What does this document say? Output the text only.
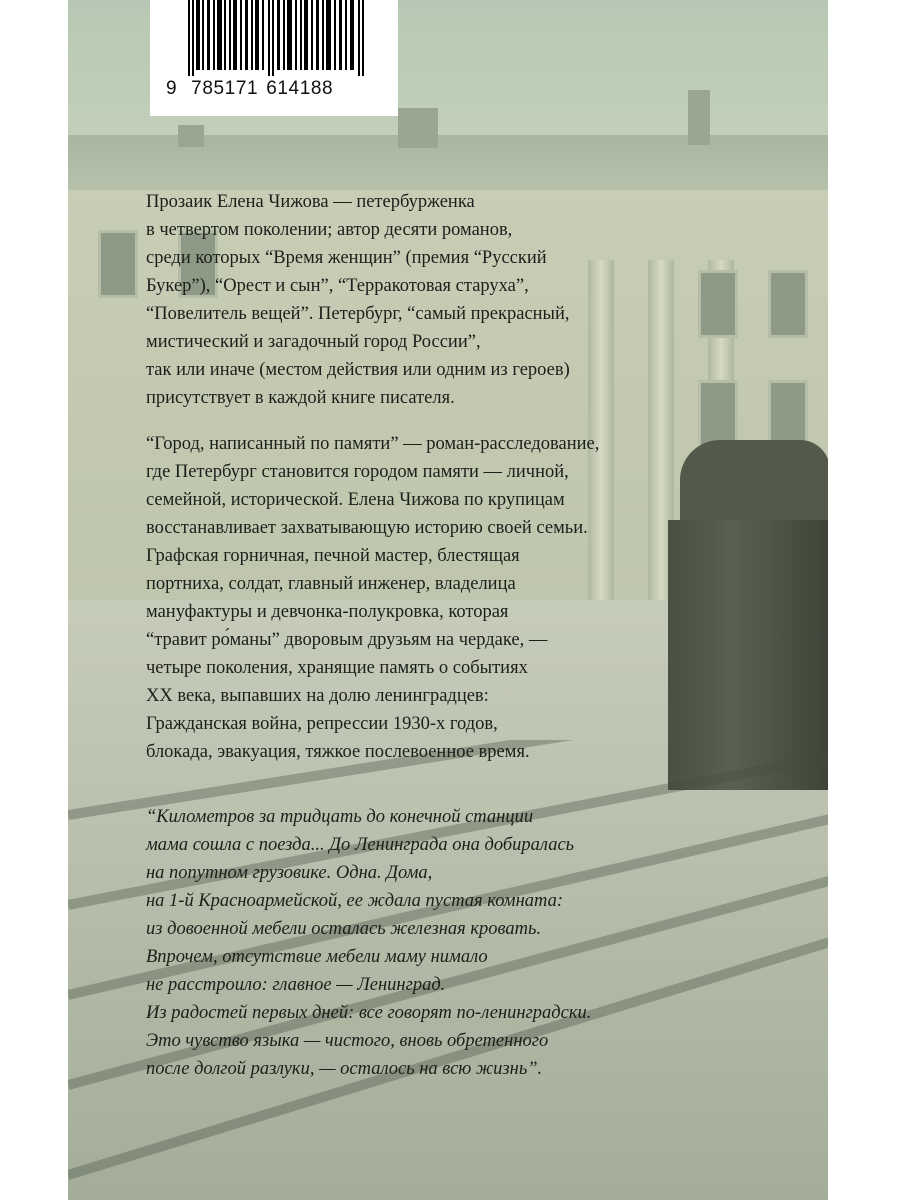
9 785171 614188
Прозаик Елена Чижова — петербурженка
в четвертом поколении; автор десяти романов,
среди которых “Время женщин” (премия “Русский
Букер”), “Орест и сын”, “Терракотовая старуха”,
“Повелитель вещей”. Петербург, “самый прекрасный,
мистический и загадочный город России”,
так или иначе (местом действия или одним из героев)
присутствует в каждой книге писателя.
“Город, написанный по памяти” — роман-расследование,
где Петербург становится городом памяти — личной,
семейной, исторической. Елена Чижова по крупицам
восстанавливает захватывающую историю своей семьи.
Графская горничная, печной мастер, блестящая
портниха, солдат, главный инженер, владелица
мануфактуры и девчонка-полукровка, которая
“травит ро́маны” дворовым друзьям на чердаке, —
четыре поколения, хранящие память о событиях
XX века, выпавших на долю ленинградцев:
Гражданская война, репрессии 1930-х годов,
блокада, эвакуация, тяжкое послевоенное время.
“Километров за тридцать до конечной станции
мама сошла с поезда... До Ленинграда она добиралась
на попутном грузовике. Одна. Дома,
на 1-й Красноармейской, ее ждала пустая комната:
из довоенной мебели осталась железная кровать.
Впрочем, отсутствие мебели маму нимало
не расстроило: главное — Ленинград.
Из радостей первых дней: все говорят по-ленинградски.
Это чувство языка — чистого, вновь обретенного
после долгой разлуки, — осталось на всю жизнь”.
